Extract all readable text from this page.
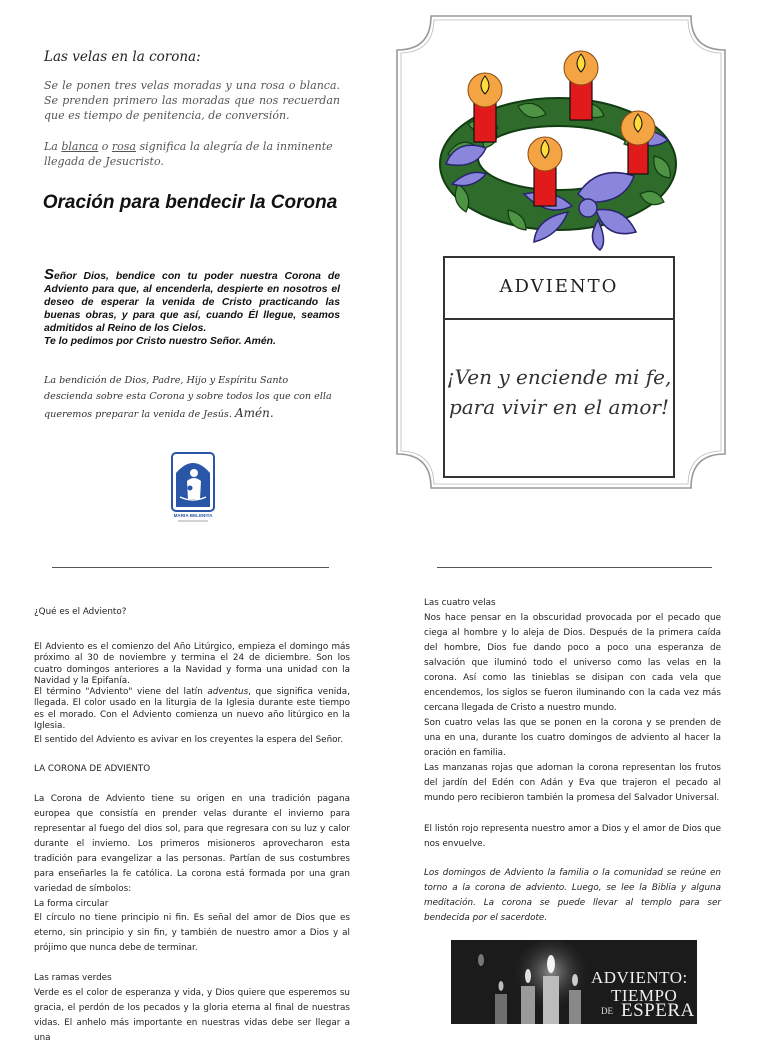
Las velas en la corona:

Se le ponen tres velas moradas y una rosa o blanca. Se prenden primero las moradas que nos recuerdan que es tiempo de penitencia, de conversión.

La blanca o rosa significa la alegría de la inminente llegada de Jesucristo.

Oración para bendecir la Corona

Señor Dios, bendice con tu poder nuestra Corona de Adviento para que, al encenderla, despierte en nosotros el deseo de esperar la venida de Cristo practicando las buenas obras, y para que así, cuando Él llegue, seamos admitidos al Reino de los Cielos.
Te lo pedimos por Cristo nuestro Señor. Amén.

La bendición de Dios, Padre, Hijo y Espíritu Santo descienda sobre esta Corona y sobre todos los que con ella queremos preparar la venida de Jesús. Amén.

MARIA BELENITA
ADVIENTO
¡Ven y enciende mi fe,
para vivir en el amor!
¿Qué es el Adviento?

El Adviento es el comienzo del Año Litúrgico, empieza el domingo más próximo al 30 de noviembre y termina el 24 de diciembre. Son los cuatro domingos anteriores a la Navidad y forma una unidad con la Navidad y la Epifanía.

El término "Adviento" viene del latín adventus, que significa venida, llegada. El color usado en la liturgia de la Iglesia durante este tiempo es el morado. Con el Adviento comienza un nuevo año litúrgico en la Iglesia.

El sentido del Adviento es avivar en los creyentes la espera del Señor.

LA CORONA DE ADVIENTO

La Corona de Adviento tiene su origen en una tradición pagana europea que consistía en prender velas durante el invierno para representar al fuego del dios sol, para que regresara con su luz y calor durante el invierno. Los primeros misioneros aprovecharon esta tradición para evangelizar a las personas. Partían de sus costumbres para enseñarles la fe católica. La corona está formada por una gran variedad de símbolos:

La forma circular

El círculo no tiene principio ni fin. Es señal del amor de Dios que es eterno, sin principio y sin fin, y también de nuestro amor a Dios y al prójimo que nunca debe de terminar.

Las ramas verdes

Verde es el color de esperanza y vida, y Dios quiere que esperemos su gracia, el perdón de los pecados y la gloria eterna al final de nuestras vidas. El anhelo más importante en nuestras vidas debe ser llegar a una

Las cuatro velas

Nos hace pensar en la obscuridad provocada por el pecado que ciega al hombre y lo aleja de Dios. Después de la primera caída del hombre, Dios fue dando poco a poco una esperanza de salvación que iluminó todo el universo como las velas en la corona. Así como las tinieblas se disipan con cada vela que encendemos, los siglos se fueron iluminando con la cada vez más cercana llegada de Cristo a nuestro mundo.

Son cuatro velas las que se ponen en la corona y se prenden de una en una, durante los cuatro domingos de adviento al hacer la oración en familia.

Las manzanas rojas que adornan la corona representan los frutos del jardín del Edén con Adán y Eva que trajeron el pecado al mundo pero recibieron también la promesa del Salvador Universal.

El listón rojo representa nuestro amor a Dios y el amor de Dios que nos envuelve.

Los domingos de Adviento la familia o la comunidad se reúne en torno a la corona de adviento. Luego, se lee la Biblia y alguna meditación. La corona se puede llevar al templo para ser bendecida por el sacerdote.

ADVIENTO:
TIEMPO
DE ESPERA
